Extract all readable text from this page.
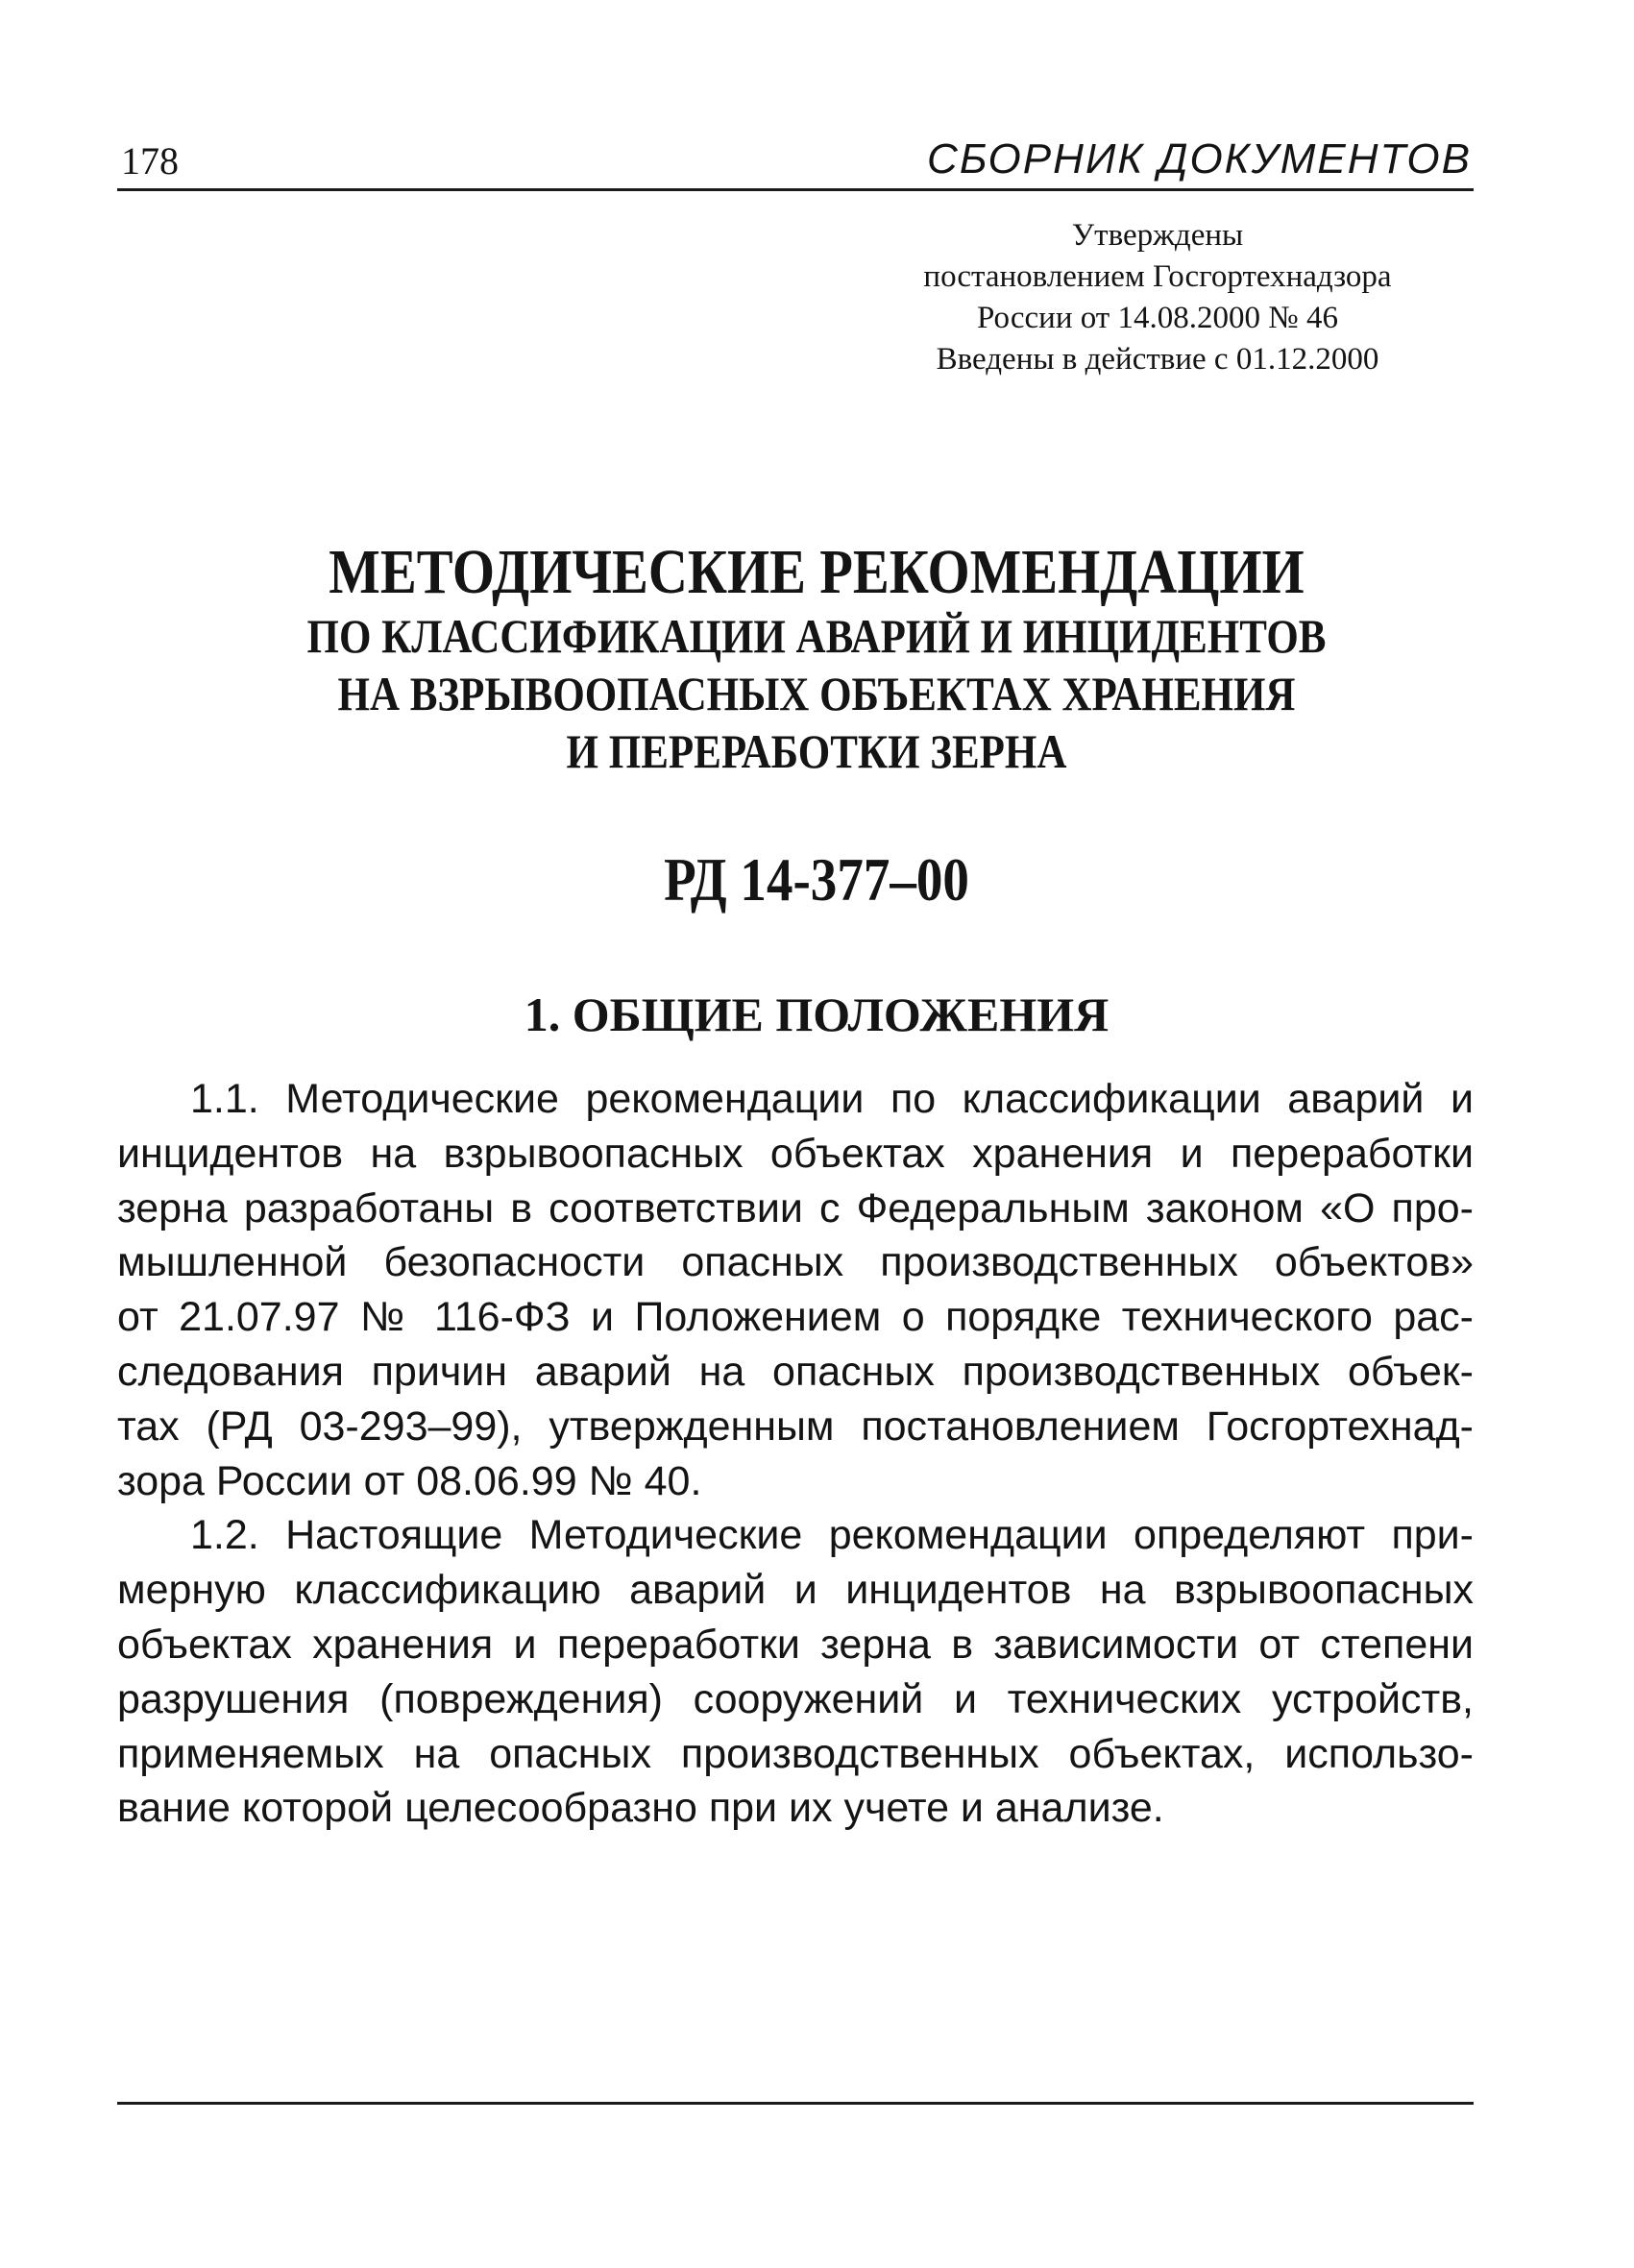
178	СБОРНИК ДОКУМЕНТОВ
Утверждены
постановлением Госгортехнадзора
России от 14.08.2000 № 46
Введены в действие с 01.12.2000
МЕТОДИЧЕСКИЕ РЕКОМЕНДАЦИИ
ПО КЛАССИФИКАЦИИ АВАРИЙ И ИНЦИДЕНТОВ
НА ВЗРЫВООПАСНЫХ ОБЪЕКТАХ ХРАНЕНИЯ
И ПЕРЕРАБОТКИ ЗЕРНА
РД 14-377–00
1. ОБЩИЕ ПОЛОЖЕНИЯ
1.1. Методические рекомендации по классификации аварий и
инцидентов на взрывоопасных объектах хранения и переработки
зерна разработаны в соответствии с Федеральным законом «О про-
мышленной безопасности опасных производственных объектов»
от 21.07.97 № 116-ФЗ и Положением о порядке технического рас-
следования причин аварий на опасных производственных объек-
тах (РД 03-293–99), утвержденным постановлением Госгортехнад-
зора России от 08.06.99 № 40.
1.2. Настоящие Методические рекомендации определяют при-
мерную классификацию аварий и инцидентов на взрывоопасных
объектах хранения и переработки зерна в зависимости от степени
разрушения (повреждения) сооружений и технических устройств,
применяемых на опасных производственных объектах, использо-
вание которой целесообразно при их учете и анализе.
